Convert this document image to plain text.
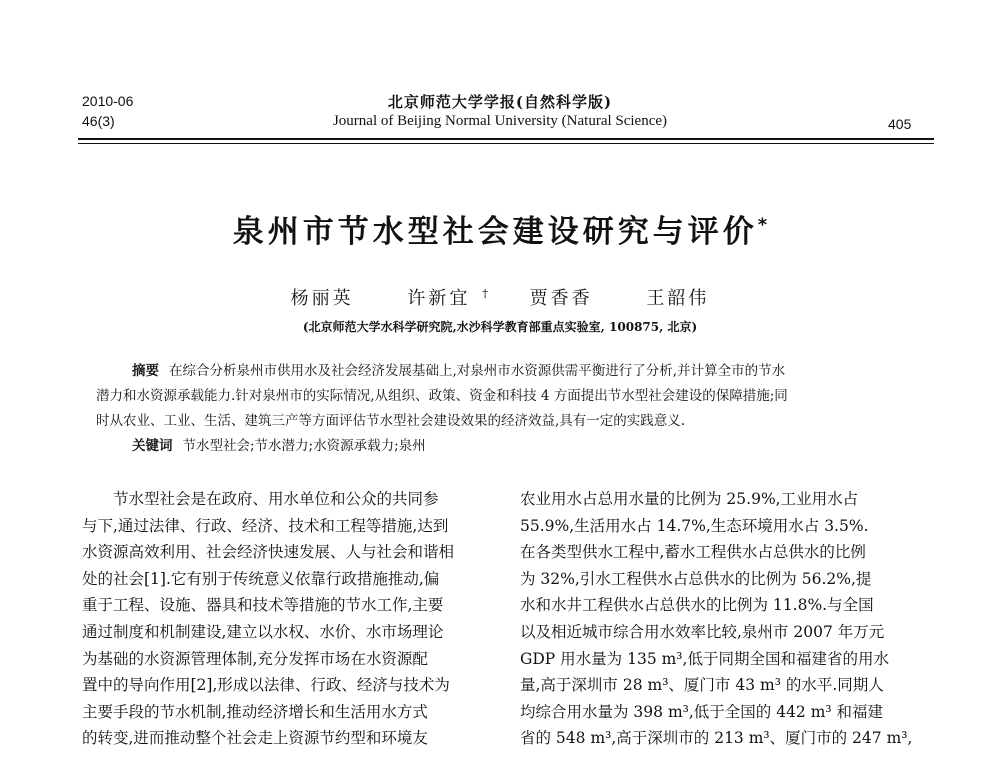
2010-06
46(3)
北京师范大学学报(自然科学版)
Journal of Beijing Normal University (Natural Science)	405
泉州市节水型社会建设研究与评价*
杨丽英	许新宜 † 贾香香	王韶伟
(北京师范大学水科学研究院,水沙科学教育部重点实验室, 100875, 北京)
摘要 在综合分析泉州市供用水及社会经济发展基础上,对泉州市水资源供需平衡进行了分析,并计算全市的节水
潜力和水资源承载能力.针对泉州市的实际情况,从组织、政策、资金和科技 4 方面提出节水型社会建设的保障措施;同
时从农业、工业、生活、建筑三产等方面评估节水型社会建设效果的经济效益,具有一定的实践意义.
关键词 节水型社会;节水潜力;水资源承载力;泉州
节水型社会是在政府、用水单位和公众的共同参
与下,通过法律、行政、经济、技术和工程等措施,达到
水资源高效利用、社会经济快速发展、人与社会和谐相
处的社会[1].它有别于传统意义依靠行政措施推动,偏
重于工程、设施、器具和技术等措施的节水工作,主要
通过制度和机制建设,建立以水权、水价、水市场理论
为基础的水资源管理体制,充分发挥市场在水资源配
置中的导向作用[2],形成以法律、行政、经济与技术为
主要手段的节水机制,推动经济增长和生活用水方式
的转变,进而推动整个社会走上资源节约型和环境友
农业用水占总用水量的比例为 25.9%,工业用水占
55.9%,生活用水占 14.7%,生态环境用水占 3.5%.
在各类型供水工程中,蓄水工程供水占总供水的比例
为 32%,引水工程供水占总供水的比例为 56.2%,提
水和水井工程供水占总供水的比例为 11.8%.与全国
以及相近城市综合用水效率比较,泉州市 2007 年万元
GDP 用水量为 135 m³,低于同期全国和福建省的用水
量,高于深圳市 28 m³、厦门市 43 m³ 的水平.同期人
均综合用水量为 398 m³,低于全国的 442 m³ 和福建
省的 548 m³,高于深圳市的 213 m³、厦门市的 247 m³,
